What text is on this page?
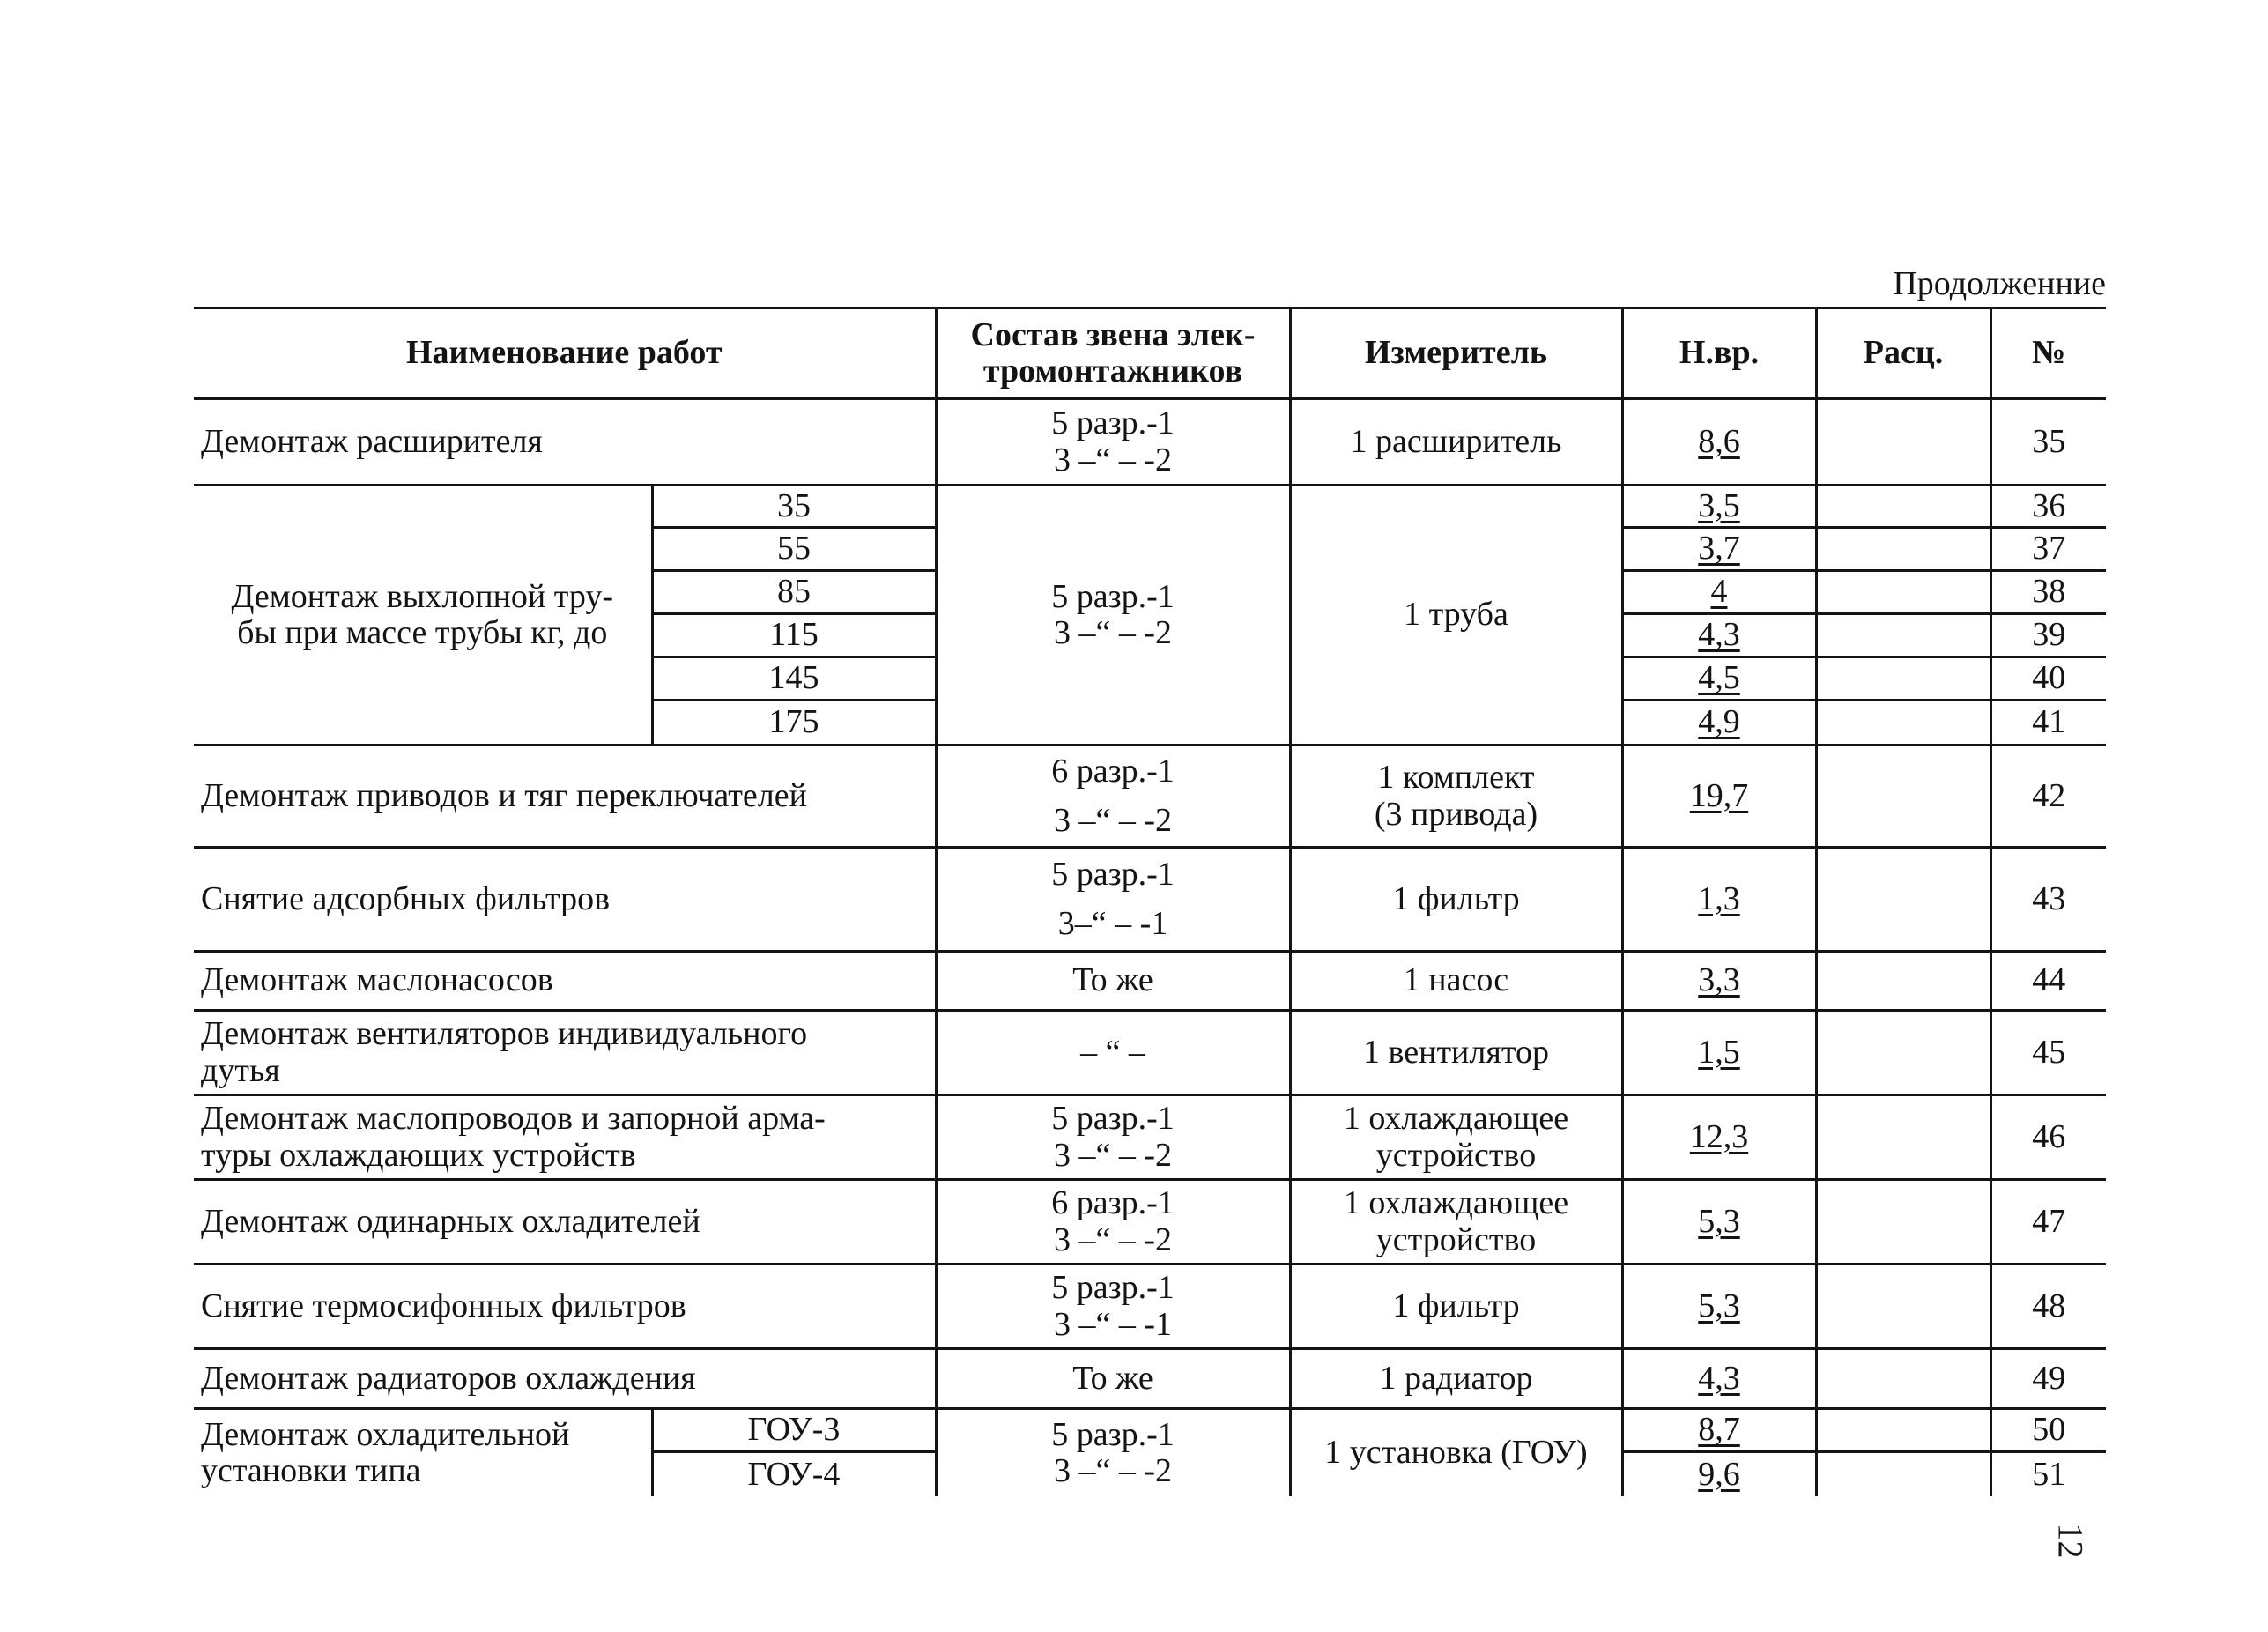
Продолженние
Наименование работ		Состав звена элек-
тромонтажников	Измеритель	Н.вр.	Расц.	№
Демонтаж расширителя		5 разр.-1
3 –“ – -2	1 расширитель	8,6		35

Демонтаж выхлопной тру-
бы при массе трубы кг, до	35	5 разр.-1
3 –“ – -2	1 труба	3,5		36
	55			3,7		37
	85			4		38
	115			4,3		39
	145			4,5		40
	175			4,9		41
Демонтаж приводов и тяг переключателей		6 разр.-1
3 –“ – -2	1 комплект
(3 привода)	19,7		42
Снятие адсорбных фильтров		5 разр.-1
3–“ – -1	1 фильтр	1,3		43
Демонтаж маслонасосов		То же	1 насос	3,3		44

Демонтаж вентиляторов индивидуального
дутья		– “ –	1 вентилятор	1,5		45

Демонтаж маслопроводов и запорной арма-
туры охлаждающих устройств		5 разр.-1
3 –“ – -2	1 охлаждающее
устройство	12,3		46
Демонтаж одинарных охладителей		6 разр.-1
3 –“ – -2	1 охлаждающее
устройство	5,3		47
Снятие термосифонных фильтров		5 разр.-1
3 –“ – -1	1 фильтр	5,3		48
Демонтаж радиаторов охлаждения		То же	1 радиатор	4,3		49

Демонтаж охладительной
установки типа	ГОУ-3	5 разр.-1
3 –“ – -2	1 установка (ГОУ)	8,7		50
	ГОУ-4			9,6		51
12
